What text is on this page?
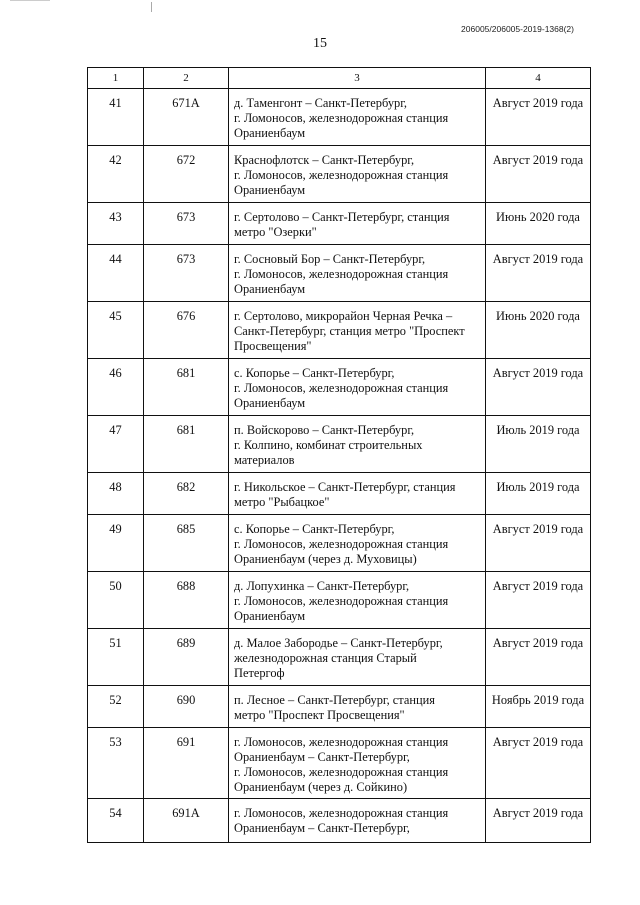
206005/206005-2019-1368(2)
15
1	2	3	4
41	671А	д. Таменгонт – Санкт-Петербург,
г. Ломоносов, железнодорожная станция
Ораниенбаум	Август 2019 года
42	672	Краснофлотск – Санкт-Петербург,
г. Ломоносов, железнодорожная станция
Ораниенбаум	Август 2019 года
43	673	г. Сертолово – Санкт-Петербург, станция
метро "Озерки"	Июнь 2020 года
44	673	г. Сосновый Бор – Санкт-Петербург,
г. Ломоносов, железнодорожная станция
Ораниенбаум	Август 2019 года
45	676	г. Сертолово, микрорайон Черная Речка –
Санкт-Петербург, станция метро "Проспект
Просвещения"	Июнь 2020 года
46	681	с. Копорье – Санкт-Петербург,
г. Ломоносов, железнодорожная станция
Ораниенбаум	Август 2019 года
47	681	п. Войскорово – Санкт-Петербург,
г. Колпино, комбинат строительных
материалов	Июль 2019 года
48	682	г. Никольское – Санкт-Петербург, станция
метро "Рыбацкое"	Июль 2019 года
49	685	с. Копорье – Санкт-Петербург,
г. Ломоносов, железнодорожная станция
Ораниенбаум (через д. Муховицы)	Август 2019 года
50	688	д. Лопухинка – Санкт-Петербург,
г. Ломоносов, железнодорожная станция
Ораниенбаум	Август 2019 года
51	689	д. Малое Забородье – Санкт-Петербург,
железнодорожная станция Старый
Петергоф	Август 2019 года
52	690	п. Лесное – Санкт-Петербург, станция
метро "Проспект Просвещения"	Ноябрь 2019 года
53	691	г. Ломоносов, железнодорожная станция
Ораниенбаум – Санкт-Петербург,
г. Ломоносов, железнодорожная станция
Ораниенбаум (через д. Сойкино)	Август 2019 года
54	691А	г. Ломоносов, железнодорожная станция
Ораниенбаум – Санкт-Петербург,	Август 2019 года
